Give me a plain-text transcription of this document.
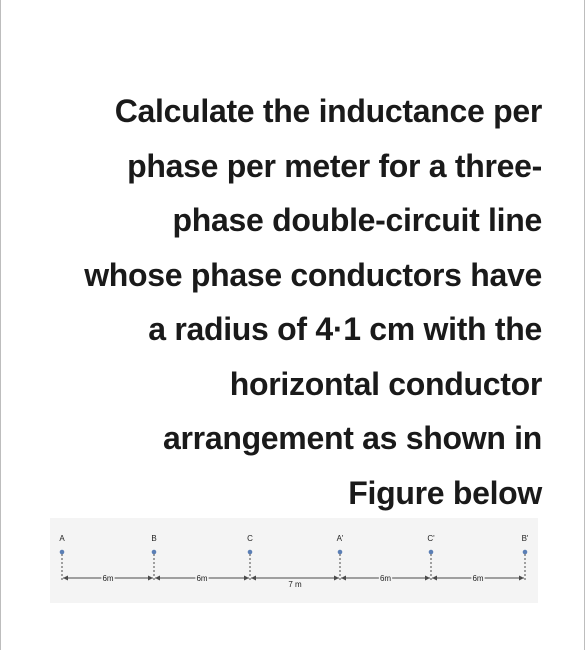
Calculate the inductance per
phase per meter for a three-
phase double-circuit line
whose phase conductors have
a radius of 4·1 cm with the
horizontal conductor
arrangement as shown in
Figure below
A	B	C	A'	C'	B'
6m	6m
7 m
6m	6m
